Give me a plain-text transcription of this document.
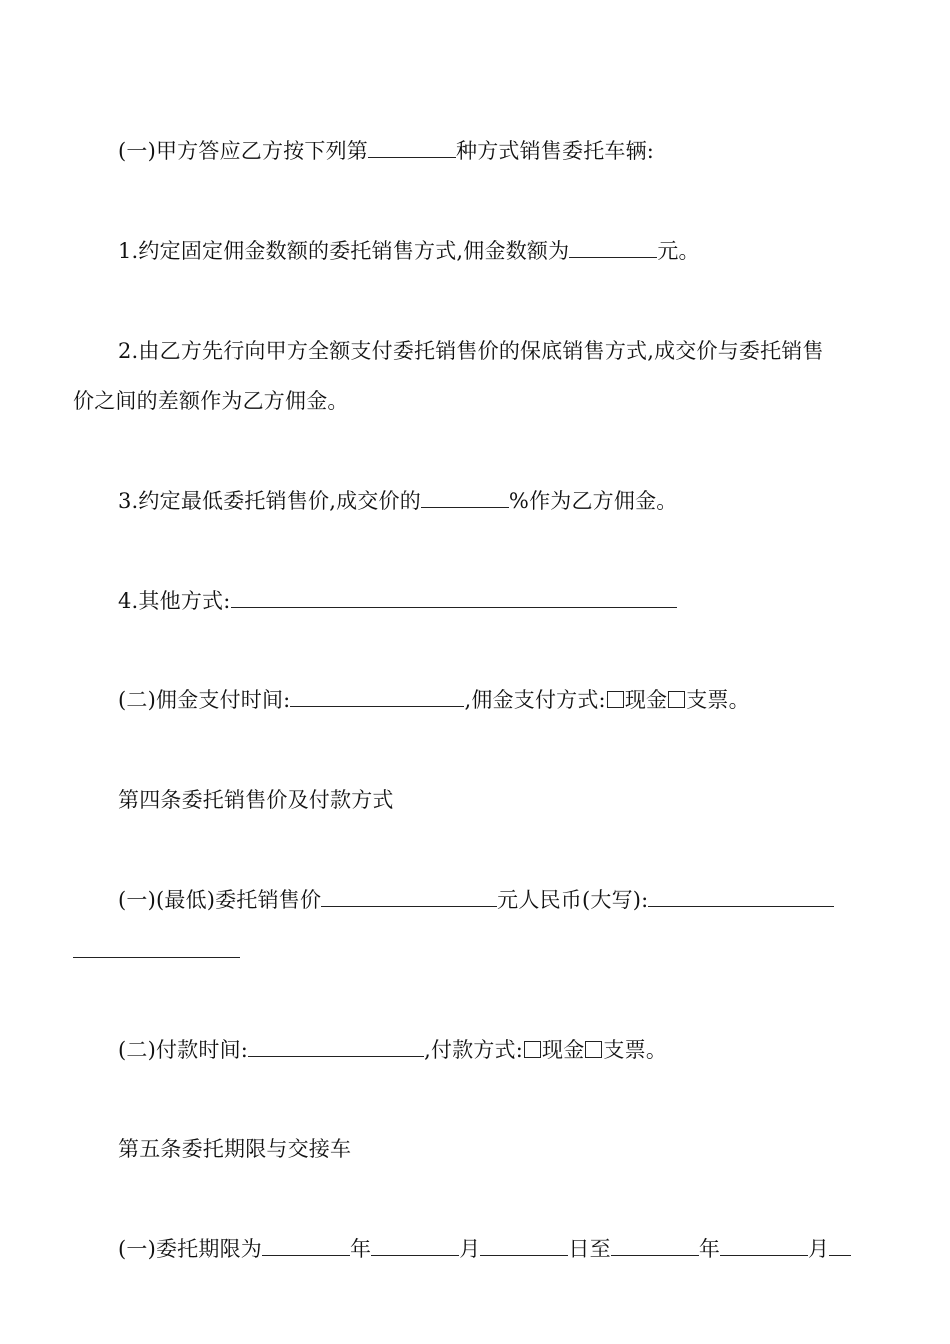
(一)甲方答应乙方按下列第	种方式销售委托车辆:
1.约定固定佣金数额的委托销售方式,佣金数额为	元。
2.由乙方先行向甲方全额支付委托销售价的保底销售方式,成交价与委托销售
价之间的差额作为乙方佣金。
3.约定最低委托销售价,成交价的	%作为乙方佣金。
4.其他方式:
(二)佣金支付时间:	,佣金支付方式: 现金 支票。
第四条委托销售价及付款方式
(一)(最低)委托销售价	元人民币(大写):
(二)付款时间:	,付款方式: 现金 支票。
第五条委托期限与交接车
(一)委托期限为	年	月	日至	年	月
